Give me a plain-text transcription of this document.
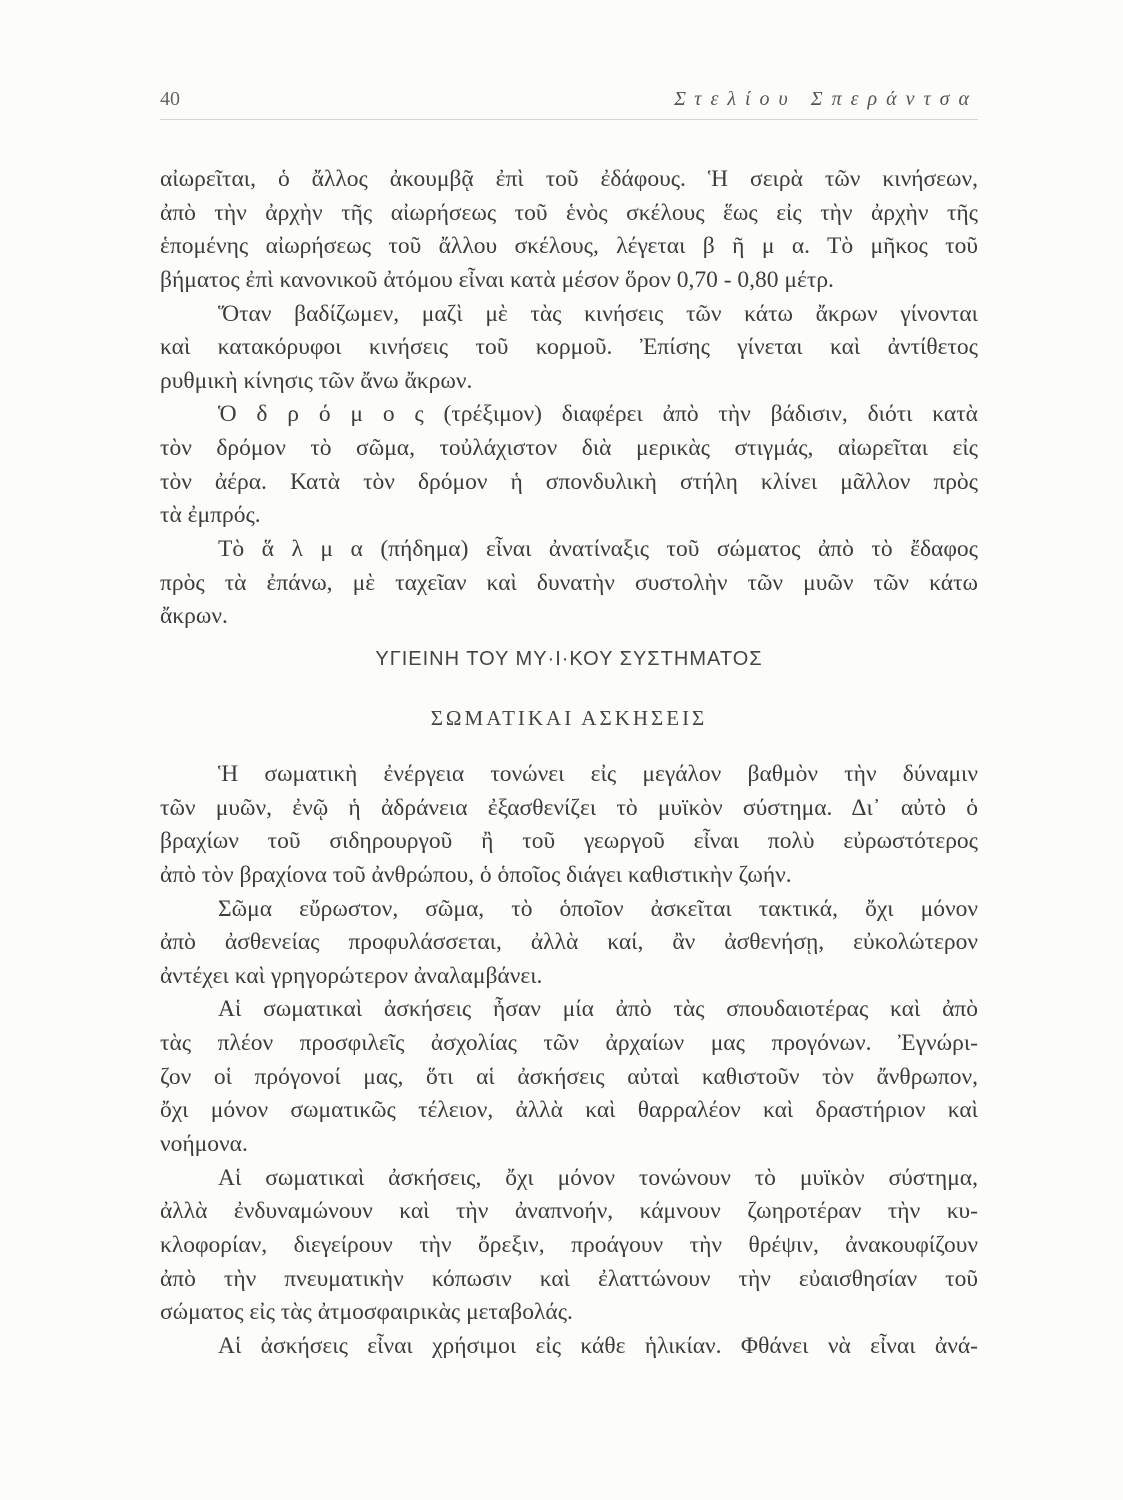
40	Στελίου Σπεράντσα
αἰωρεῖται, ὁ ἄλλος ἀκουμβᾷ ἐπὶ τοῦ ἐδάφους. Ἡ σειρὰ τῶν κινήσεων,
ἀπὸ τὴν ἀρχὴν τῆς αἰωρήσεως τοῦ ἑνὸς σκέλους ἕως εἰς τὴν ἀρχὴν τῆς
ἑπομένης αἰωρήσεως τοῦ ἄλλου σκέλους, λέγεται β ῆ μ α. Τὸ μῆκος τοῦ
βήματος ἐπὶ κανονικοῦ ἀτόμου εἶναι κατὰ μέσον ὅρον 0,70 - 0,80 μέτρ.
Ὅταν βαδίζωμεν, μαζὶ μὲ τὰς κινήσεις τῶν κάτω ἄκρων γίνονται
καὶ κατακόρυφοι κινήσεις τοῦ κορμοῦ. Ἐπίσης γίνεται καὶ ἀντίθετος
ρυθμικὴ κίνησις τῶν ἄνω ἄκρων.
Ὁ δ ρ ό μ ο ς (τρέξιμον) διαφέρει ἀπὸ τὴν βάδισιν, διότι κατὰ
τὸν δρόμον τὸ σῶμα, τοὐλάχιστον διὰ μερικὰς στιγμάς, αἰωρεῖται εἰς
τὸν ἀέρα. Κατὰ τὸν δρόμον ἡ σπονδυλικὴ στήλη κλίνει μᾶλλον πρὸς
τὰ ἐμπρός.
Τὸ ἅ λ μ α (πήδημα) εἶναι ἀνατίναξις τοῦ σώματος ἀπὸ τὸ ἔδαφος
πρὸς τὰ ἐπάνω, μὲ ταχεῖαν καὶ δυνατὴν συστολὴν τῶν μυῶν τῶν κάτω
ἄκρων.
ΥΓΙΕΙΝΗ ΤΟΥ ΜΥ·Ι·ΚΟΥ ΣΥΣΤΗΜΑΤΟΣ
ΣΩΜΑΤΙΚΑΙ ΑΣΚΗΣΕΙΣ
Ἡ σωματικὴ ἐνέργεια τονώνει εἰς μεγάλον βαθμὸν τὴν δύναμιν
τῶν μυῶν, ἐνῷ ἡ ἀδράνεια ἐξασθενίζει τὸ μυϊκὸν σύστημα. Δι᾽ αὐτὸ ὁ
βραχίων τοῦ σιδηρουργοῦ ἢ τοῦ γεωργοῦ εἶναι πολὺ εὐρωστότερος
ἀπὸ τὸν βραχίονα τοῦ ἀνθρώπου, ὁ ὁποῖος διάγει καθιστικὴν ζωήν.
Σῶμα εὔρωστον, σῶμα, τὸ ὁποῖον ἀσκεῖται τακτικά, ὄχι μόνον
ἀπὸ ἀσθενείας προφυλάσσεται, ἀλλὰ καί, ἂν ἀσθενήσῃ, εὐκολώτερον
ἀντέχει καὶ γρηγορώτερον ἀναλαμβάνει.
Αἱ σωματικαὶ ἀσκήσεις ἦσαν μία ἀπὸ τὰς σπουδαιοτέρας καὶ ἀπὸ
τὰς πλέον προσφιλεῖς ἀσχολίας τῶν ἀρχαίων μας προγόνων. Ἐγνώρι-
ζον οἱ πρόγονοί μας, ὅτι αἱ ἀσκήσεις αὐταὶ καθιστοῦν τὸν ἄνθρωπον,
ὄχι μόνον σωματικῶς τέλειον, ἀλλὰ καὶ θαρραλέον καὶ δραστήριον καὶ
νοήμονα.
Αἱ σωματικαὶ ἀσκήσεις, ὄχι μόνον τονώνουν τὸ μυϊκὸν σύστημα,
ἀλλὰ ἐνδυναμώνουν καὶ τὴν ἀναπνοήν, κάμνουν ζωηροτέραν τὴν κυ-
κλοφορίαν, διεγείρουν τὴν ὄρεξιν, προάγουν τὴν θρέψιν, ἀνακουφίζουν
ἀπὸ τὴν πνευματικὴν κόπωσιν καὶ ἐλαττώνουν τὴν εὐαισθησίαν τοῦ
σώματος εἰς τὰς ἀτμοσφαιρικὰς μεταβολάς.
Αἱ ἀσκήσεις εἶναι χρήσιμοι εἰς κάθε ἡλικίαν. Φθάνει νὰ εἶναι ἀνά-
